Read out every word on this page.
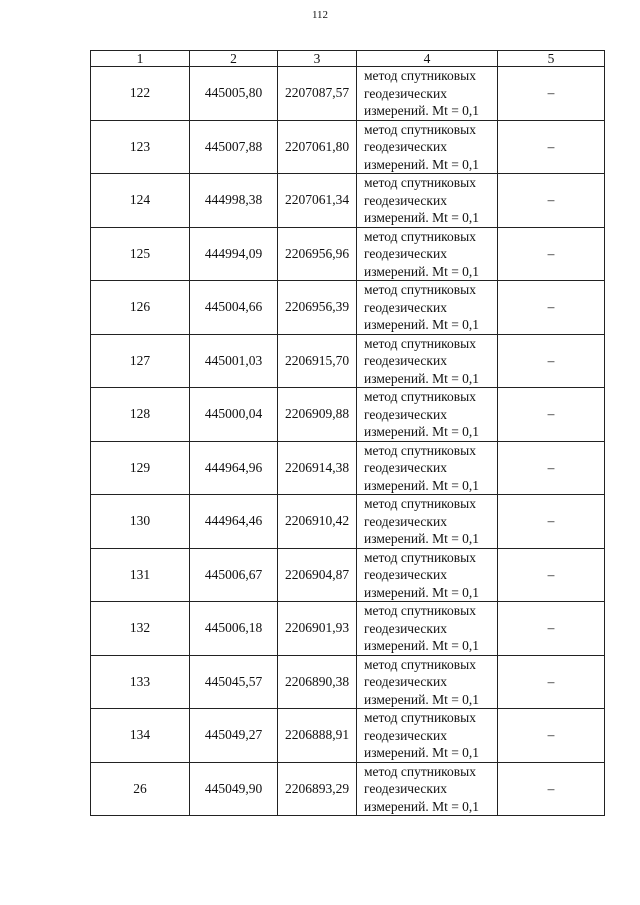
112
1	2	3	4	5
122	445005,80	2207087,57	метод спутниковых
геодезических
измерений. Mt = 0,1	–
123	445007,88	2207061,80	метод спутниковых
геодезических
измерений. Mt = 0,1	–
124	444998,38	2207061,34	метод спутниковых
геодезических
измерений. Mt = 0,1	–
125	444994,09	2206956,96	метод спутниковых
геодезических
измерений. Mt = 0,1	–
126	445004,66	2206956,39	метод спутниковых
геодезических
измерений. Mt = 0,1	–
127	445001,03	2206915,70	метод спутниковых
геодезических
измерений. Mt = 0,1	–
128	445000,04	2206909,88	метод спутниковых
геодезических
измерений. Mt = 0,1	–
129	444964,96	2206914,38	метод спутниковых
геодезических
измерений. Mt = 0,1	–
130	444964,46	2206910,42	метод спутниковых
геодезических
измерений. Mt = 0,1	–
131	445006,67	2206904,87	метод спутниковых
геодезических
измерений. Mt = 0,1	–
132	445006,18	2206901,93	метод спутниковых
геодезических
измерений. Mt = 0,1	–
133	445045,57	2206890,38	метод спутниковых
геодезических
измерений. Mt = 0,1	–
134	445049,27	2206888,91	метод спутниковых
геодезических
измерений. Mt = 0,1	–
26	445049,90	2206893,29	метод спутниковых
геодезических
измерений. Mt = 0,1	–
